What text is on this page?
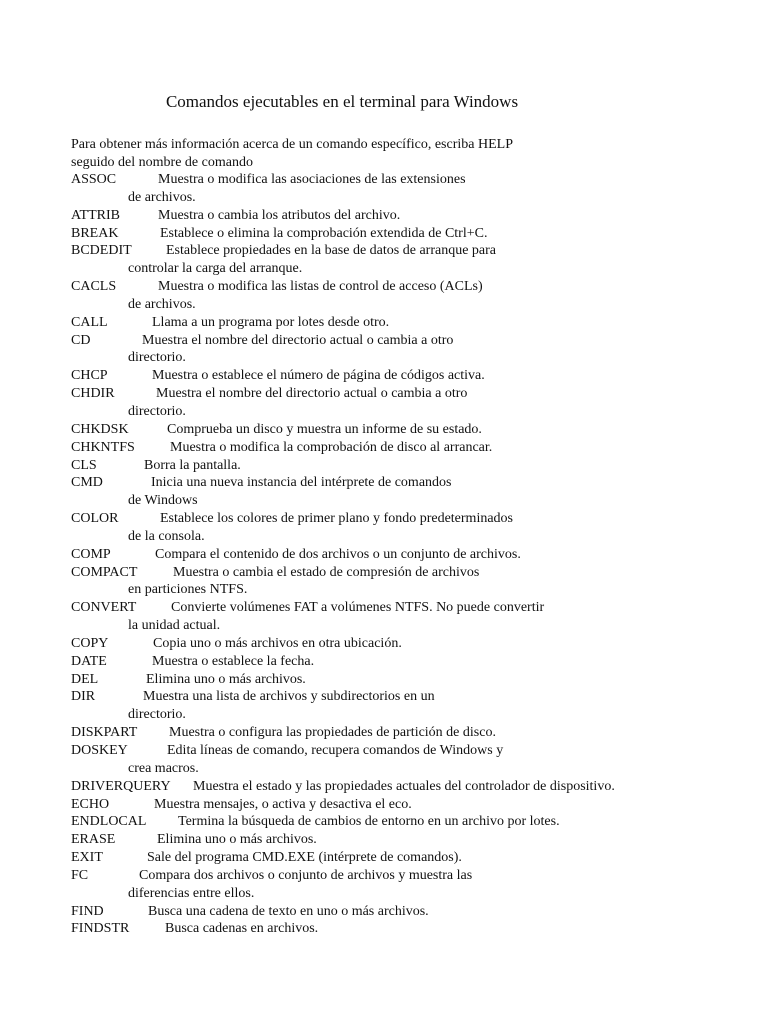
Comandos ejecutables en el terminal para Windows
Para obtener más información acerca de un comando específico, escriba HELP
seguido del nombre de comando
ASSOC	Muestra o modifica las asociaciones de las extensiones
de archivos.
ATTRIB	Muestra o cambia los atributos del archivo.
BREAK	Establece o elimina la comprobación extendida de Ctrl+C.
BCDEDIT Establece propiedades en la base de datos de arranque para
controlar la carga del arranque.
CACLS	Muestra o modifica las listas de control de acceso (ACLs)
de archivos.
CALL	Llama a un programa por lotes desde otro.
CD	Muestra el nombre del directorio actual o cambia a otro
directorio.
CHCP	Muestra o establece el número de página de códigos activa.
CHDIR	Muestra el nombre del directorio actual o cambia a otro
directorio.
CHKDSK	Comprueba un disco y muestra un informe de su estado.
CHKNTFS	Muestra o modifica la comprobación de disco al arrancar.
CLS	Borra la pantalla.
CMD	Inicia una nueva instancia del intérprete de comandos
de Windows
COLOR	Establece los colores de primer plano y fondo predeterminados
de la consola.
COMP	Compara el contenido de dos archivos o un conjunto de archivos.
COMPACT	Muestra o cambia el estado de compresión de archivos
en particiones NTFS.
CONVERT Convierte volúmenes FAT a volúmenes NTFS. No puede convertir
la unidad actual.
COPY	Copia uno o más archivos en otra ubicación.
DATE	Muestra o establece la fecha.
DEL	Elimina uno o más archivos.
DIR	Muestra una lista de archivos y subdirectorios en un
directorio.
DISKPART Muestra o configura las propiedades de partición de disco.
DOSKEY	Edita líneas de comando, recupera comandos de Windows y
crea macros.
DRIVERQUERY Muestra el estado y las propiedades actuales del controlador de dispositivo.
ECHO	Muestra mensajes, o activa y desactiva el eco.
ENDLOCAL Termina la búsqueda de cambios de entorno en un archivo por lotes.
ERASE	Elimina uno o más archivos.
EXIT	Sale del programa CMD.EXE (intérprete de comandos).
FC	Compara dos archivos o conjunto de archivos y muestra las
diferencias entre ellos.
FIND	Busca una cadena de texto en uno o más archivos.
FINDSTR	Busca cadenas en archivos.
